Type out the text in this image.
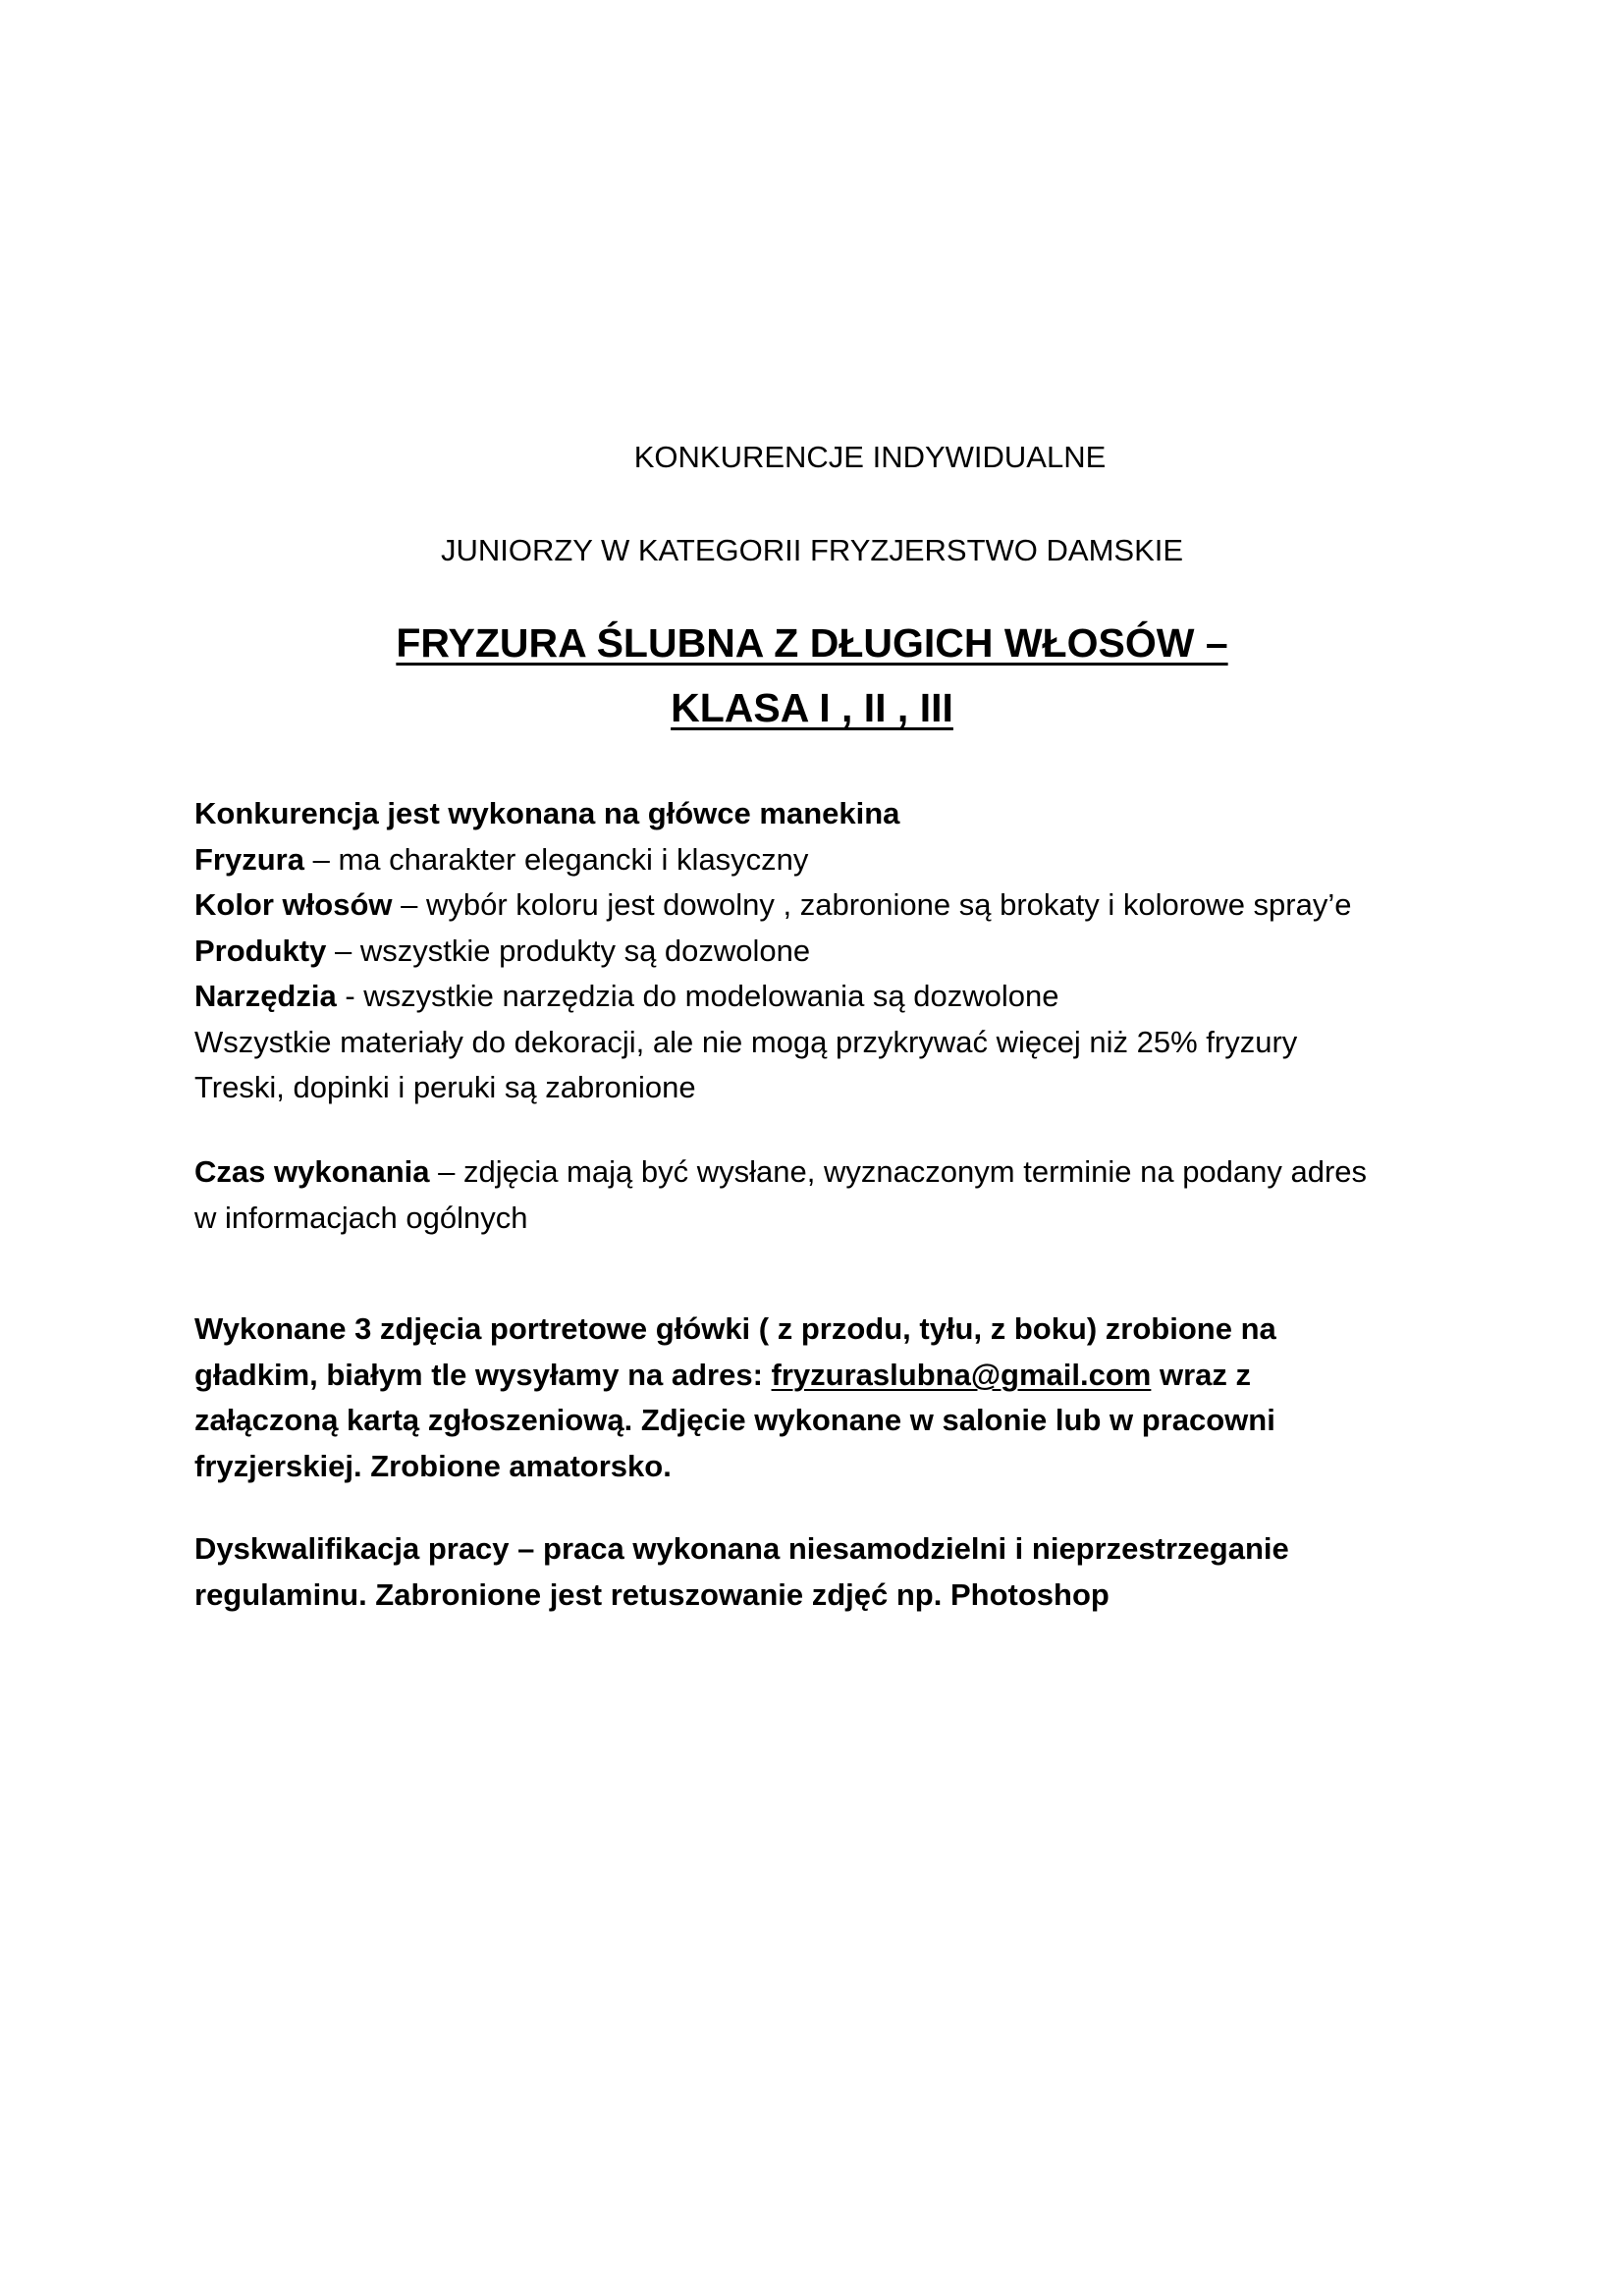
KONKURENCJE INDYWIDUALNE
JUNIORZY W KATEGORII FRYZJERSTWO DAMSKIE
FRYZURA ŚLUBNA Z DŁUGICH WŁOSÓW –
KLASA I , II , III
Konkurencja jest wykonana na główce manekina
Fryzura – ma charakter elegancki i klasyczny
Kolor włosów – wybór koloru jest dowolny , zabronione są brokaty i kolorowe spray’e
Produkty – wszystkie produkty są dozwolone
Narzędzia - wszystkie narzędzia do modelowania są dozwolone
Wszystkie materiały do dekoracji, ale nie mogą przykrywać więcej niż 25% fryzury
Treski, dopinki i peruki są zabronione
Czas wykonania – zdjęcia mają być wysłane, wyznaczonym terminie na podany adres
w informacjach ogólnych
Wykonane 3 zdjęcia portretowe główki ( z przodu, tyłu, z boku) zrobione na
gładkim, białym tle wysyłamy na adres: fryzuraslubna@gmail.com wraz z
załączoną kartą zgłoszeniową. Zdjęcie wykonane w salonie lub w pracowni
fryzjerskiej. Zrobione amatorsko.
Dyskwalifikacja pracy – praca wykonana niesamodzielni i nieprzestrzeganie
regulaminu. Zabronione jest retuszowanie zdjęć np. Photoshop
